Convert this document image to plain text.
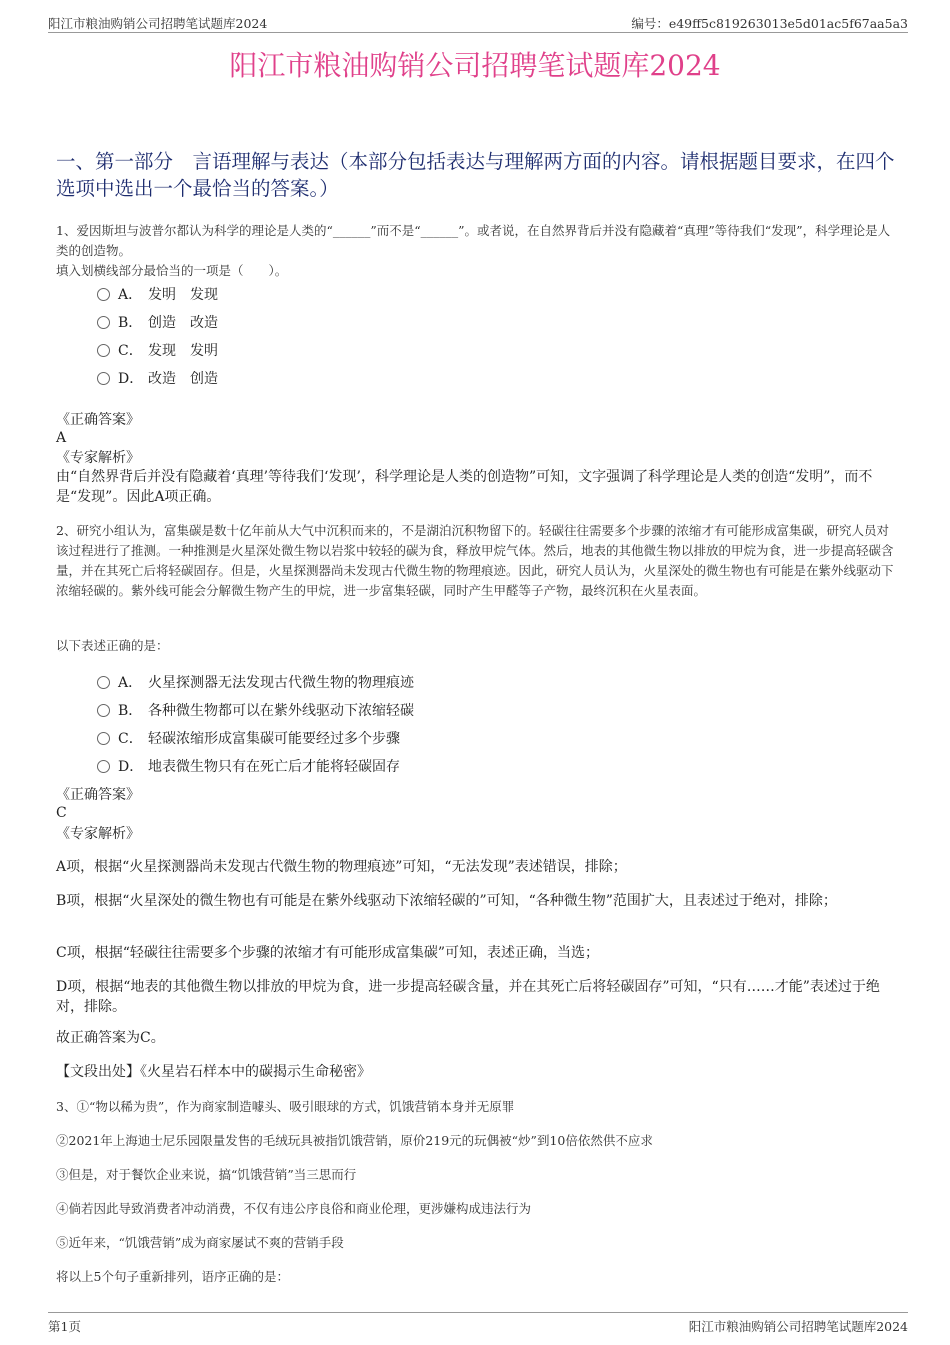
阳江市粮油购销公司招聘笔试题库2024	编号：e49ff5c819263013e5d01ac5f67aa5a3
阳江市粮油购销公司招聘笔试题库2024
一、第一部分　言语理解与表达（本部分包括表达与理解两方面的内容。请根据题目要求，在四个选项中选出一个最恰当的答案。）
1、爱因斯坦与波普尔都认为科学的理论是人类的“______”而不是“______”。或者说，在自然界背后并没有隐藏着“真理”等待我们“发现”，科学理论是人类的创造物。
填入划横线部分最恰当的一项是（　　）。
A． 发明　发现
B． 创造　改造
C． 发现　发明
D． 改造　创造
《正确答案》
A
《专家解析》
由“自然界背后并没有隐藏着‘真理’等待我们‘发现’，科学理论是人类的创造物”可知，文字强调了科学理论是人类的创造“发明”，而不是“发现”。因此A项正确。
2、研究小组认为，富集碳是数十亿年前从大气中沉积而来的，不是湖泊沉积物留下的。轻碳往往需要多个步骤的浓缩才有可能形成富集碳，研究人员对该过程进行了推测。一种推测是火星深处微生物以岩浆中较轻的碳为食，释放甲烷气体。然后，地表的其他微生物以排放的甲烷为食，进一步提高轻碳含量，并在其死亡后将轻碳固存。但是，火星探测器尚未发现古代微生物的物理痕迹。因此，研究人员认为，火星深处的微生物也有可能是在紫外线驱动下浓缩轻碳的。紫外线可能会分解微生物产生的甲烷，进一步富集轻碳，同时产生甲醛等子产物，最终沉积在火星表面。
以下表述正确的是：
A． 火星探测器无法发现古代微生物的物理痕迹
B． 各种微生物都可以在紫外线驱动下浓缩轻碳
C． 轻碳浓缩形成富集碳可能要经过多个步骤
D． 地表微生物只有在死亡后才能将轻碳固存
《正确答案》
C
《专家解析》
A项，根据“火星探测器尚未发现古代微生物的物理痕迹”可知，“无法发现”表述错误，排除；
B项，根据“火星深处的微生物也有可能是在紫外线驱动下浓缩轻碳的”可知，“各种微生物”范围扩大，且表述过于绝对，排除；
C项，根据“轻碳往往需要多个步骤的浓缩才有可能形成富集碳”可知，表述正确，当选；
D项，根据“地表的其他微生物以排放的甲烷为食，进一步提高轻碳含量，并在其死亡后将轻碳固存”可知，“只有……才能”表述过于绝对，排除。
故正确答案为C。
【文段出处】《火星岩石样本中的碳揭示生命秘密》
3、①“物以稀为贵”，作为商家制造噱头、吸引眼球的方式，饥饿营销本身并无原罪
②2021年上海迪士尼乐园限量发售的毛绒玩具被指饥饿营销，原价219元的玩偶被“炒”到10倍依然供不应求
③但是，对于餐饮企业来说，搞“饥饿营销”当三思而行
④倘若因此导致消费者冲动消费，不仅有违公序良俗和商业伦理，更涉嫌构成违法行为
⑤近年来，“饥饿营销”成为商家屡试不爽的营销手段
将以上5个句子重新排列，语序正确的是：
第1页	阳江市粮油购销公司招聘笔试题库2024
